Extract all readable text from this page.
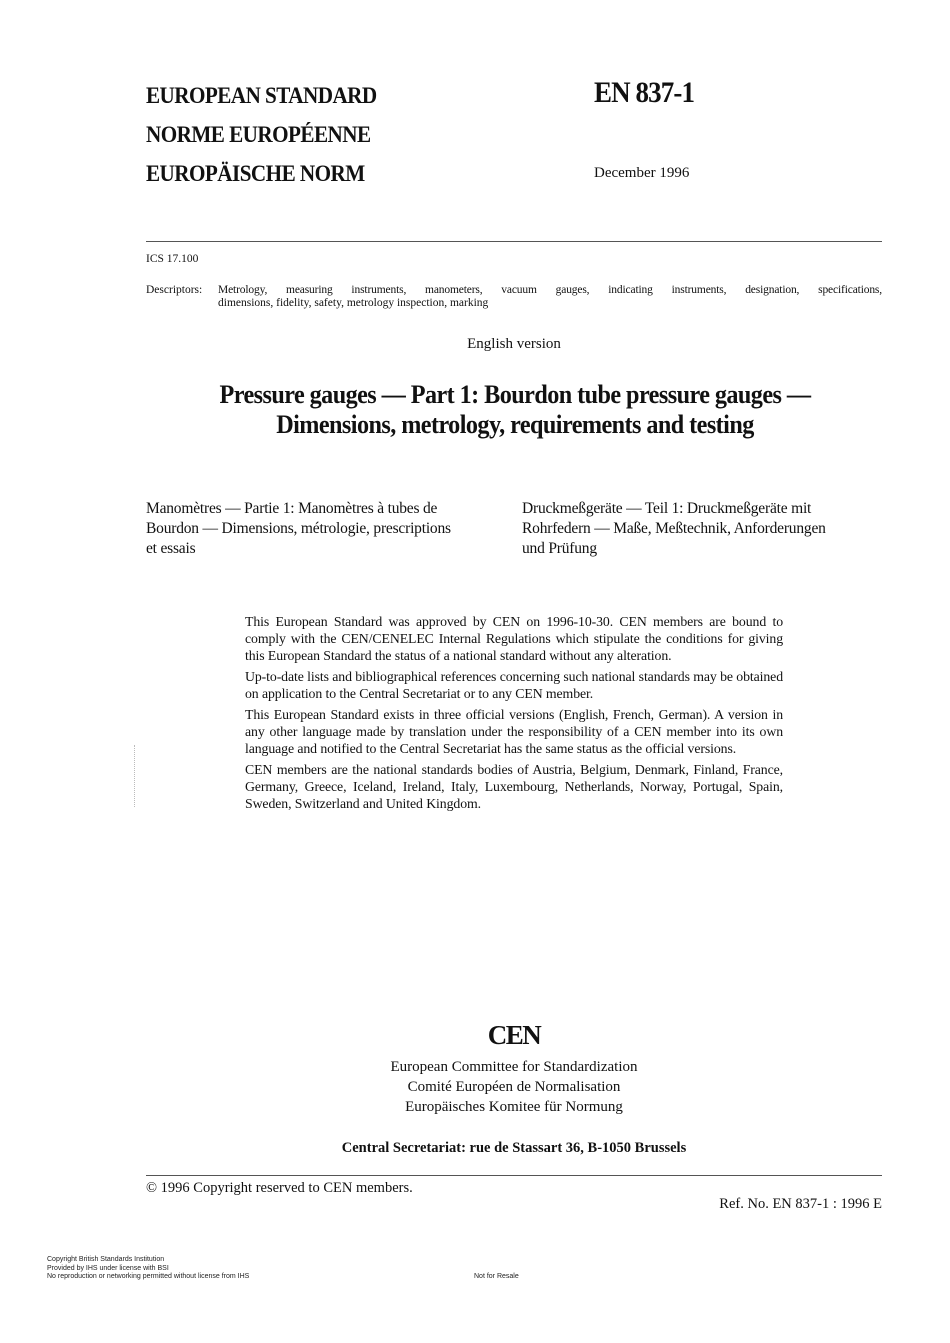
EUROPEAN STANDARD
NORME EUROPÉENNE
EUROPÄISCHE NORM
EN 837-1
December 1996
ICS 17.100
Descriptors: Metrology, measuring instruments, manometers, vacuum gauges, indicating instruments, designation, specifications,
dimensions, fidelity, safety, metrology inspection, marking
English version
Pressure gauges — Part 1: Bourdon tube pressure gauges —
Dimensions, metrology, requirements and testing
Manomètres — Partie 1: Manomètres à tubes de
Bourdon — Dimensions, métrologie, prescriptions
et essais
Druckmeßgeräte — Teil 1: Druckmeßgeräte mit
Rohrfedern — Maße, Meßtechnik, Anforderungen
und Prüfung

This European Standard was approved by CEN on 1996-10-30. CEN members are bound to comply with the CEN/CENELEC Internal Regulations which stipulate the conditions for giving this European Standard the status of a national standard without any alteration.

Up-to-date lists and bibliographical references concerning such national standards may be obtained on application to the Central Secretariat or to any CEN member.

This European Standard exists in three official versions (English, French, German). A version in any other language made by translation under the responsibility of a CEN member into its own language and notified to the Central Secretariat has the same status as the official versions.

CEN members are the national standards bodies of Austria, Belgium, Denmark, Finland, France, Germany, Greece, Iceland, Ireland, Italy, Luxembourg, Netherlands, Norway, Portugal, Spain, Sweden, Switzerland and United Kingdom.

CEN
European Committee for Standardization
Comité Européen de Normalisation
Europäisches Komitee für Normung
Central Secretariat: rue de Stassart 36, B-1050 Brussels
© 1996 Copyright reserved to CEN members.
Ref. No. EN 837-1 : 1996 E
Copyright British Standards Institution
Provided by IHS under license with BSI
No reproduction or networking permitted without license from IHS	Not for Resale
